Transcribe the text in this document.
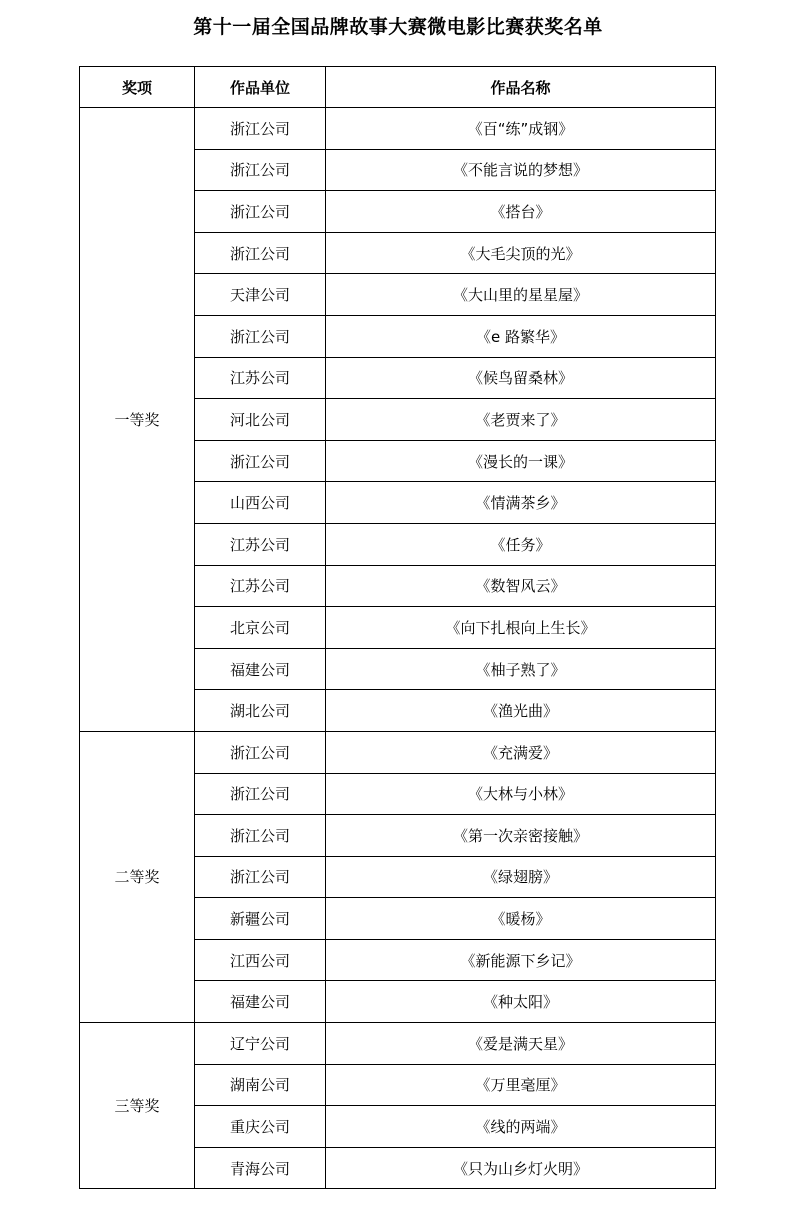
第十一届全国品牌故事大赛微电影比赛获奖名单
奖项	作品单位	作品名称
一等奖	浙江公司	《百“练”成钢》
	浙江公司	《不能言说的梦想》
	浙江公司	《搭台》
	浙江公司	《大毛尖顶的光》
	天津公司	《大山里的星星屋》
	浙江公司	《e 路繁华》
	江苏公司	《候鸟留桑林》
	河北公司	《老贾来了》
	浙江公司	《漫长的一课》
	山西公司	《情满茶乡》
	江苏公司	《任务》
	江苏公司	《数智风云》
	北京公司	《向下扎根向上生长》
	福建公司	《柚子熟了》
	湖北公司	《渔光曲》
二等奖	浙江公司	《充满爱》
	浙江公司	《大林与小林》
	浙江公司	《第一次亲密接触》
	浙江公司	《绿翅膀》
	新疆公司	《暖杨》
	江西公司	《新能源下乡记》
	福建公司	《种太阳》
三等奖	辽宁公司	《爱是满天星》
	湖南公司	《万里毫厘》
	重庆公司	《线的两端》
	青海公司	《只为山乡灯火明》
